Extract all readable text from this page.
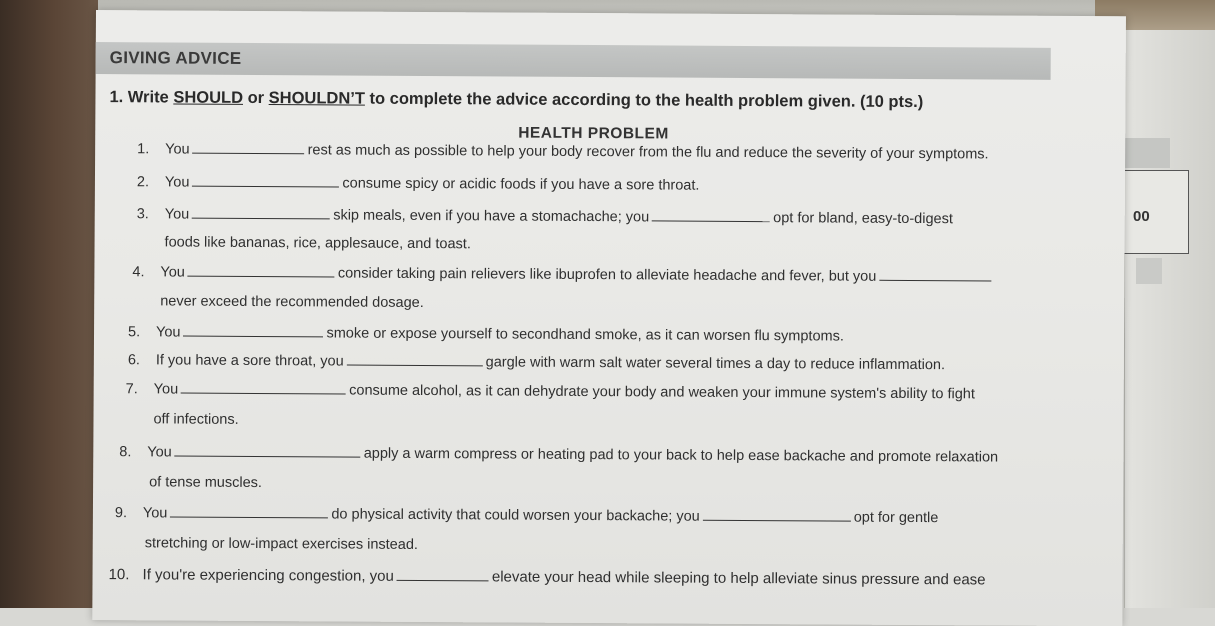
00
GIVING ADVICE
1. Write SHOULD or SHOULDN’T to complete the advice according to the health problem given. (10 pts.)
HEALTH PROBLEM
1. You	rest as much as possible to help your body recover from the flu and reduce the severity of your symptoms.
2. You	consume spicy or acidic foods if you have a sore throat.
3. You	skip meals, even if you have a stomachache; you	opt for bland, easy-to-digest
foods like bananas, rice, applesauce, and toast.
4. You	consider taking pain relievers like ibuprofen to alleviate headache and fever, but you
never exceed the recommended dosage.
5. You	smoke or expose yourself to secondhand smoke, as it can worsen flu symptoms.
6. If you have a sore throat, you	gargle with warm salt water several times a day to reduce inflammation.
7. You	consume alcohol, as it can dehydrate your body and weaken your immune system's ability to fight
off infections.
8. You	apply a warm compress or heating pad to your back to help ease backache and promote relaxation
of tense muscles.
9. You	do physical activity that could worsen your backache; you	opt for gentle
stretching or low-impact exercises instead.
10. If you're experiencing congestion, you	elevate your head while sleeping to help alleviate sinus pressure and ease
